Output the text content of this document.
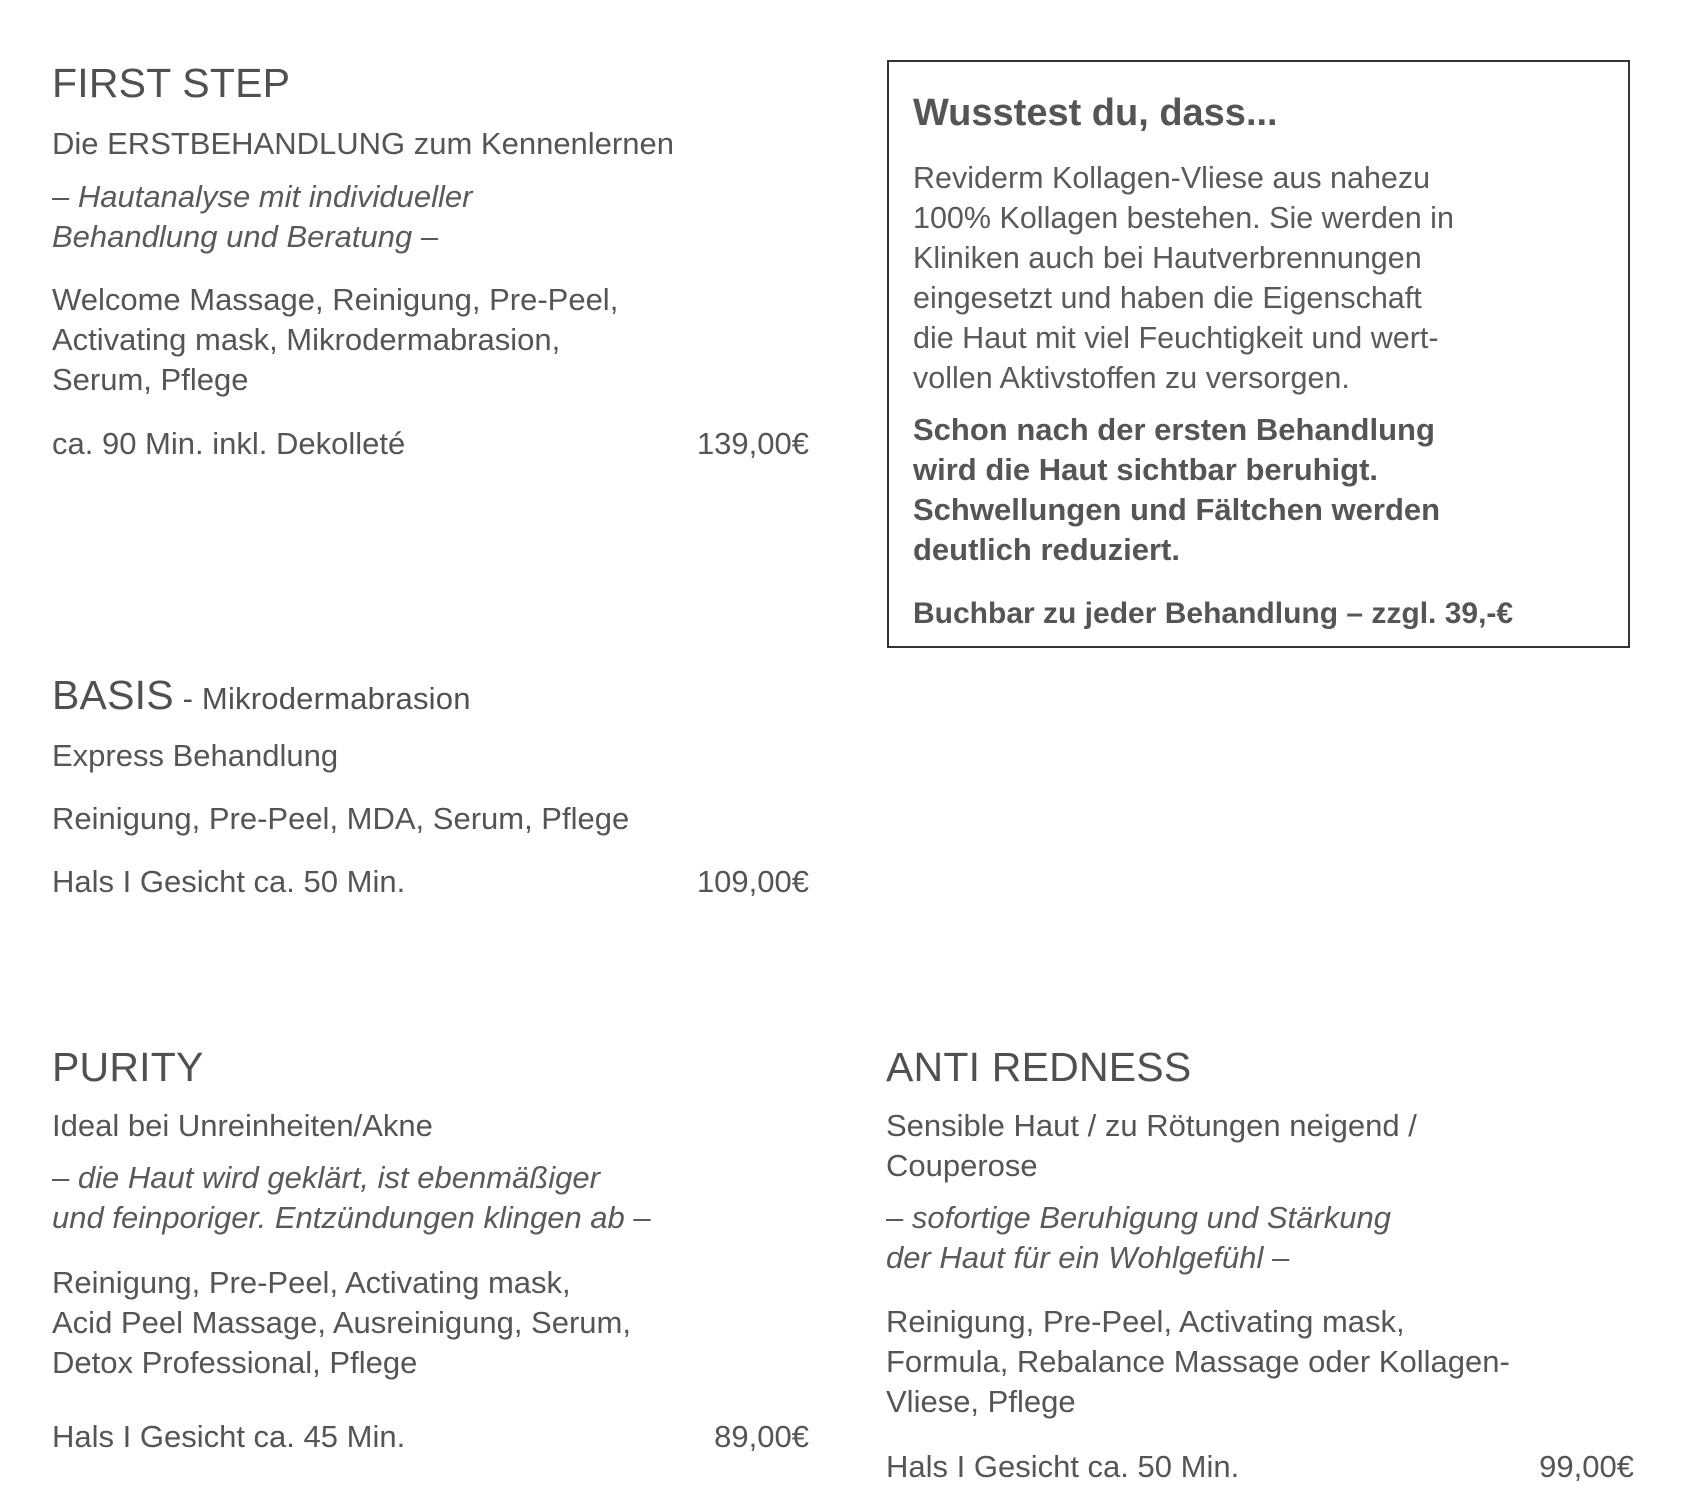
FIRST STEP
Die ERSTBEHANDLUNG zum Kennenlernen
– Hautanalyse mit individueller
Behandlung und Beratung –
Welcome Massage, Reinigung, Pre-Peel,
Activating mask, Mikrodermabrasion,
Serum, Pflege
ca. 90 Min. inkl. Dekolleté	139,00€
Wusstest du, dass...
Reviderm Kollagen-Vliese aus nahezu
100% Kollagen bestehen. Sie werden in
Kliniken auch bei Hautverbrennungen
eingesetzt und haben die Eigenschaft
die Haut mit viel Feuchtigkeit und wert-
vollen Aktivstoffen zu versorgen.
Schon nach der ersten Behandlung
wird die Haut sichtbar beruhigt.
Schwellungen und Fältchen werden
deutlich reduziert.
Buchbar zu jeder Behandlung – zzgl. 39,-€
BASIS - Mikrodermabrasion
Express Behandlung
Reinigung, Pre-Peel, MDA, Serum, Pflege
Hals I Gesicht ca. 50 Min.	109,00€
PURITY
Ideal bei Unreinheiten/Akne
– die Haut wird geklärt, ist ebenmäßiger
und feinporiger. Entzündungen klingen ab –
Reinigung, Pre-Peel, Activating mask,
Acid Peel Massage, Ausreinigung, Serum,
Detox Professional, Pflege
Hals I Gesicht ca. 45 Min.	89,00€
ANTI REDNESS
Sensible Haut / zu Rötungen neigend /
Couperose
– sofortige Beruhigung und Stärkung
der Haut für ein Wohlgefühl –
Reinigung, Pre-Peel, Activating mask,
Formula, Rebalance Massage oder Kollagen-
Vliese, Pflege
Hals I Gesicht ca. 50 Min.	99,00€
